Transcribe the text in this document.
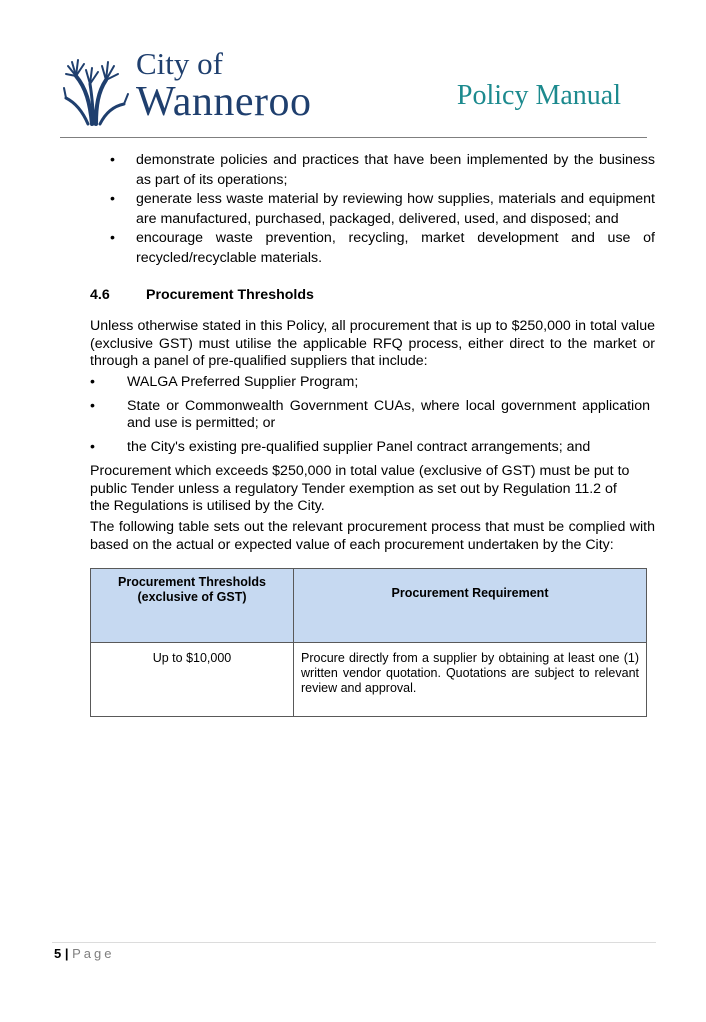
City of
Wanneroo	Policy Manual
• demonstrate policies and practices that have been implemented by the business as part of its operations;
• generate less waste material by reviewing how supplies, materials and equipment are manufactured, purchased, packaged, delivered, used, and disposed; and
• encourage waste prevention, recycling, market development and use of recycled/recyclable materials.
4.6	Procurement Thresholds

Unless otherwise stated in this Policy, all procurement that is up to $250,000 in total value (exclusive GST) must utilise the applicable RFQ process, either direct to the market or through a panel of pre-qualified suppliers that include:

• WALGA Preferred Supplier Program;
• State or Commonwealth Government CUAs, where local government application and use is permitted; or
• the City's existing pre-qualified supplier Panel contract arrangements; and

Procurement which exceeds $250,000 in total value (exclusive of GST) must be put to public Tender unless a regulatory Tender exemption as set out by Regulation 11.2 of the Regulations is utilised by the City.

The following table sets out the relevant procurement process that must be complied with based on the actual or expected value of each procurement undertaken by the City:

Procurement Thresholds (exclusive of GST)	Procurement Requirement
Up to $10,000	Procure directly from a supplier by obtaining at least one (1) written vendor quotation. Quotations are subject to relevant review and approval.
5 | Page
